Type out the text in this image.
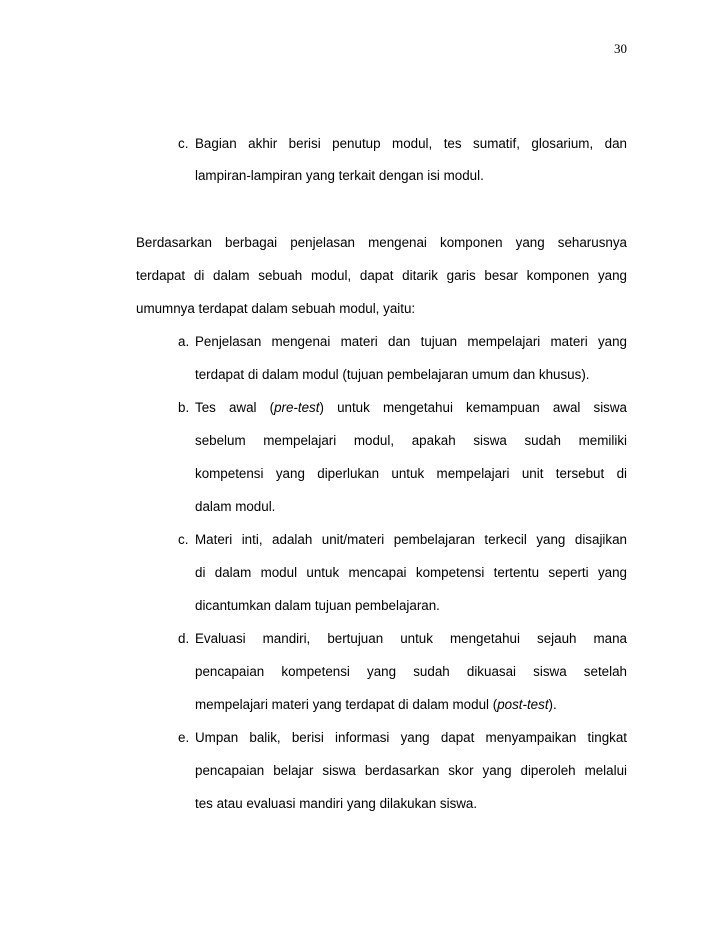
30
c. Bagian akhir berisi penutup modul, tes sumatif, glosarium, dan

lampiran-lampiran yang terkait dengan isi modul.

Berdasarkan berbagai penjelasan mengenai komponen yang seharusnya

terdapat di dalam sebuah modul, dapat ditarik garis besar komponen yang

umumnya terdapat dalam sebuah modul, yaitu:

a. Penjelasan mengenai materi dan tujuan mempelajari materi yang

terdapat di dalam modul (tujuan pembelajaran umum dan khusus).

b. Tes awal (pre-test) untuk mengetahui kemampuan awal siswa

sebelum mempelajari modul, apakah siswa sudah memiliki

kompetensi yang diperlukan untuk mempelajari unit tersebut di

dalam modul.

c. Materi inti, adalah unit/materi pembelajaran terkecil yang disajikan

di dalam modul untuk mencapai kompetensi tertentu seperti yang

dicantumkan dalam tujuan pembelajaran.

d. Evaluasi mandiri, bertujuan untuk mengetahui sejauh mana

pencapaian kompetensi yang sudah dikuasai siswa setelah

mempelajari materi yang terdapat di dalam modul (post-test).

e. Umpan balik, berisi informasi yang dapat menyampaikan tingkat

pencapaian belajar siswa berdasarkan skor yang diperoleh melalui

tes atau evaluasi mandiri yang dilakukan siswa.
